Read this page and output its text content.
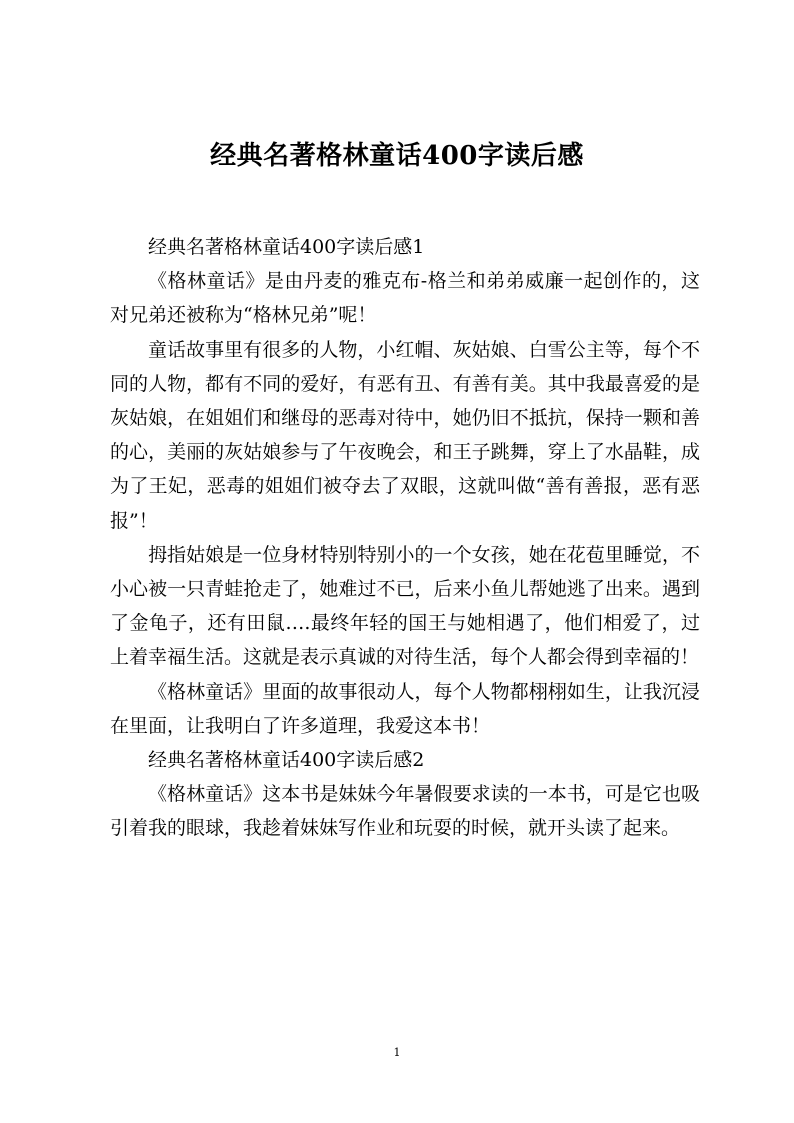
经典名著格林童话400字读后感

经典名著格林童话400字读后感1

《格林童话》是由丹麦的雅克布-格兰和弟弟威廉一起创作的，这对兄弟还被称为“格林兄弟”呢！

童话故事里有很多的人物，小红帽、灰姑娘、白雪公主等，每个不同的人物，都有不同的爱好，有恶有丑、有善有美。其中我最喜爱的是灰姑娘，在姐姐们和继母的恶毒对待中，她仍旧不抵抗，保持一颗和善的心，美丽的灰姑娘参与了午夜晚会，和王子跳舞，穿上了水晶鞋，成为了王妃，恶毒的姐姐们被夺去了双眼，这就叫做“善有善报，恶有恶报”！

拇指姑娘是一位身材特别特别小的一个女孩，她在花苞里睡觉，不小心被一只青蛙抢走了，她难过不已，后来小鱼儿帮她逃了出来。遇到了金龟子，还有田鼠….最终年轻的国王与她相遇了，他们相爱了，过上着幸福生活。这就是表示真诚的对待生活，每个人都会得到幸福的！

《格林童话》里面的故事很动人，每个人物都栩栩如生，让我沉浸在里面，让我明白了许多道理，我爱这本书！

经典名著格林童话400字读后感2

《格林童话》这本书是妹妹今年暑假要求读的一本书，可是它也吸引着我的眼球，我趁着妹妹写作业和玩耍的时候，就开头读了起来。

1
